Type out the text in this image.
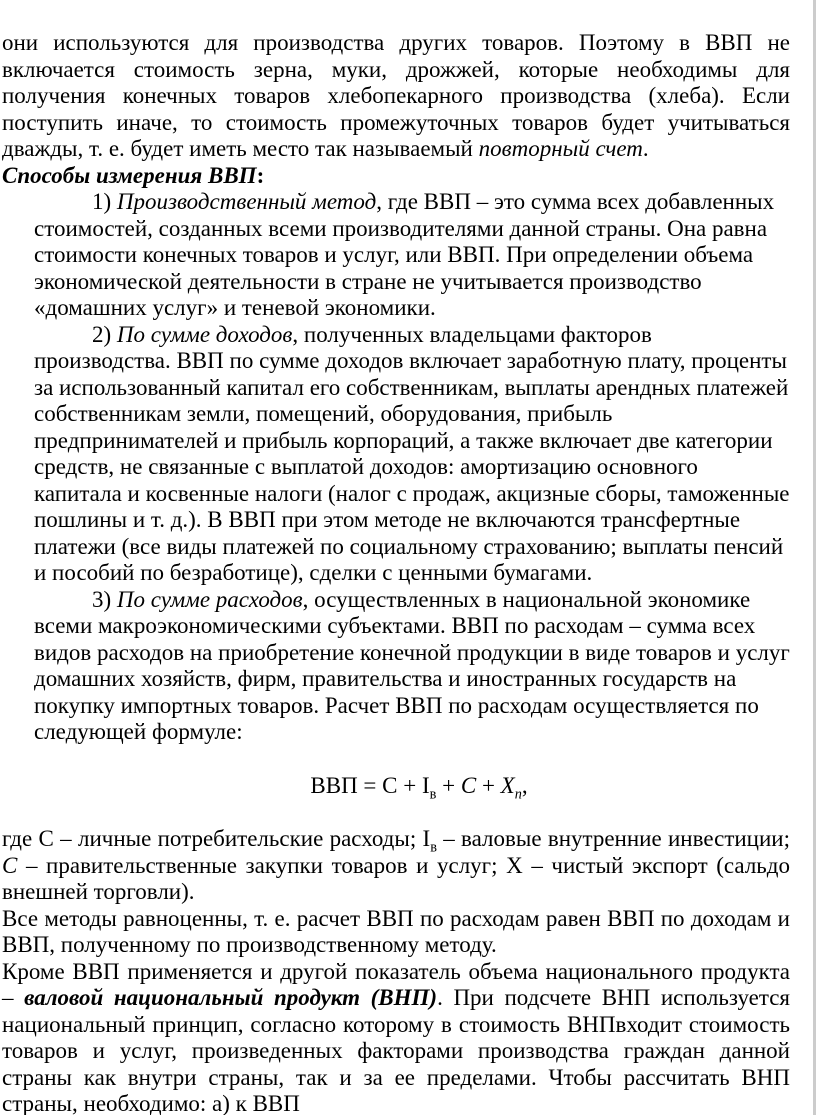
они используются для производства других товаров. Поэтому в ВВП не включается стоимость зерна, муки, дрожжей, которые необходимы для получения конечных товаров хлебопекарного производства (хлеба). Если поступить иначе, то стоимость промежуточных товаров будет учитываться дважды, т. е. будет иметь место так называемый повторный счет.

Способы измерения ВВП:

1) Производственный метод, где ВВП – это сумма всех добавленных стоимостей, созданных всеми производителями данной страны. Она равна стоимости конечных товаров и услуг, или ВВП. При определении объема экономической деятельности в стране не учитывается производство «домашних услуг» и теневой экономики.

2) По сумме доходов, полученных владельцами факторов производства. ВВП по сумме доходов включает заработную плату, проценты за использованный капитал его собственникам, выплаты арендных платежей собственникам земли, помещений, оборудования, прибыль предпринимателей и прибыль корпораций, а также включает две категории средств, не связанные с выплатой доходов: амортизацию основного капитала и косвенные налоги (налог с продаж, акцизные сборы, таможенные пошлины и т. д.). В ВВП при этом методе не включаются трансфертные платежи (все виды платежей по социальному страхованию; выплаты пенсий и пособий по безработице), сделки с ценными бумагами.

3) По сумме расходов, осуществленных в национальной экономике всеми макроэкономическими субъектами. ВВП по расходам – сумма всех видов расходов на приобретение конечной продукции в виде товаров и услуг домашних хозяйств, фирм, правительства и иностранных государств на покупку импортных товаров. Расчет ВВП по расходам осуществляется по следующей формуле:

ВВП = $С + I_в + С + Х_n$,

где С – личные потребительские расходы; $I_в$ – валовые внутренние инвестиции; С – правительственные закупки товаров и услуг; Х – чистый экспорт (сальдо внешней торговли).

Все методы равноценны, т. е. расчет ВВП по расходам равен ВВП по доходам и ВВП, полученному по производственному методу.

Кроме ВВП применяется и другой показатель объема национального продукта – валовой национальный продукт (ВНП). При подсчете ВНП используется национальный принцип, согласно которому в стоимость ВНПвходит стоимость товаров и услуг, произведенных факторами производства граждан данной страны как внутри страны, так и за ее пределами. Чтобы рассчитать ВНП страны, необходимо: а) к ВВП
